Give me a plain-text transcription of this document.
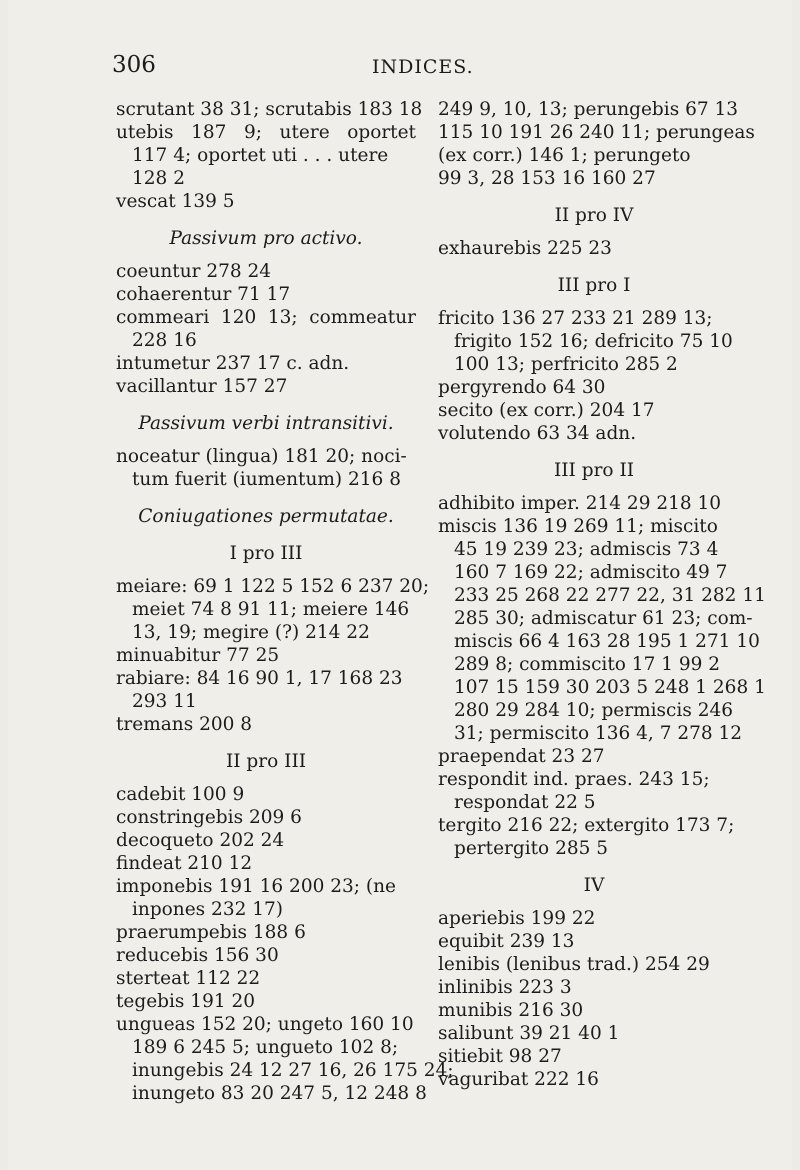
306	INDICES.
scrutant 38 31; scrutabis 183 18
utebis 187 9; utere oportet
117 4; oportet uti . . . utere
128 2
vescat 139 5
Passivum pro activo.
coeuntur 278 24
cohaerentur 71 17
commeari 120 13; commeatur
228 16
intumetur 237 17 c. adn.
vacillantur 157 27
Passivum verbi intransitivi.
noceatur (lingua) 181 20; noci-
tum fuerit (iumentum) 216 8
Coniugationes permutatae.
I pro III
meiare: 69 1 122 5 152 6 237 20;
meiet 74 8 91 11; meiere 146
13, 19; megire (?) 214 22
minuabitur 77 25
rabiare: 84 16 90 1, 17 168 23
293 11
tremans 200 8
II pro III
cadebit 100 9
constringebis 209 6
decoqueto 202 24
findeat 210 12
imponebis 191 16 200 23; (ne
inpones 232 17)
praerumpebis 188 6
reducebis 156 30
sterteat 112 22
tegebis 191 20
ungueas 152 20; ungeto 160 10
189 6 245 5; ungueto 102 8;
inungebis 24 12 27 16, 26 175 24;
inungeto 83 20 247 5, 12 248 8
249 9, 10, 13; perungebis 67 13
115 10 191 26 240 11; perungeas
(ex corr.) 146 1; perungeto
99 3, 28 153 16 160 27
II pro IV
exhaurebis 225 23
III pro I
fricito 136 27 233 21 289 13;
frigito 152 16; defricito 75 10
100 13; perfricito 285 2
pergyrendo 64 30
secito (ex corr.) 204 17
volutendo 63 34 adn.
III pro II
adhibito imper. 214 29 218 10
miscis 136 19 269 11; miscito
45 19 239 23; admiscis 73 4
160 7 169 22; admiscito 49 7
233 25 268 22 277 22, 31 282 11
285 30; admiscatur 61 23; com-
miscis 66 4 163 28 195 1 271 10
289 8; commiscito 17 1 99 2
107 15 159 30 203 5 248 1 268 1
280 29 284 10; permiscis 246
31; permiscito 136 4, 7 278 12
praependat 23 27
respondit ind. praes. 243 15;
respondat 22 5
tergito 216 22; extergito 173 7;
pertergito 285 5
IV
aperiebis 199 22
equibit 239 13
lenibis (lenibus trad.) 254 29
inlinibis 223 3
munibis 216 30
salibunt 39 21 40 1
sitiebit 98 27
vaguribat 222 16
